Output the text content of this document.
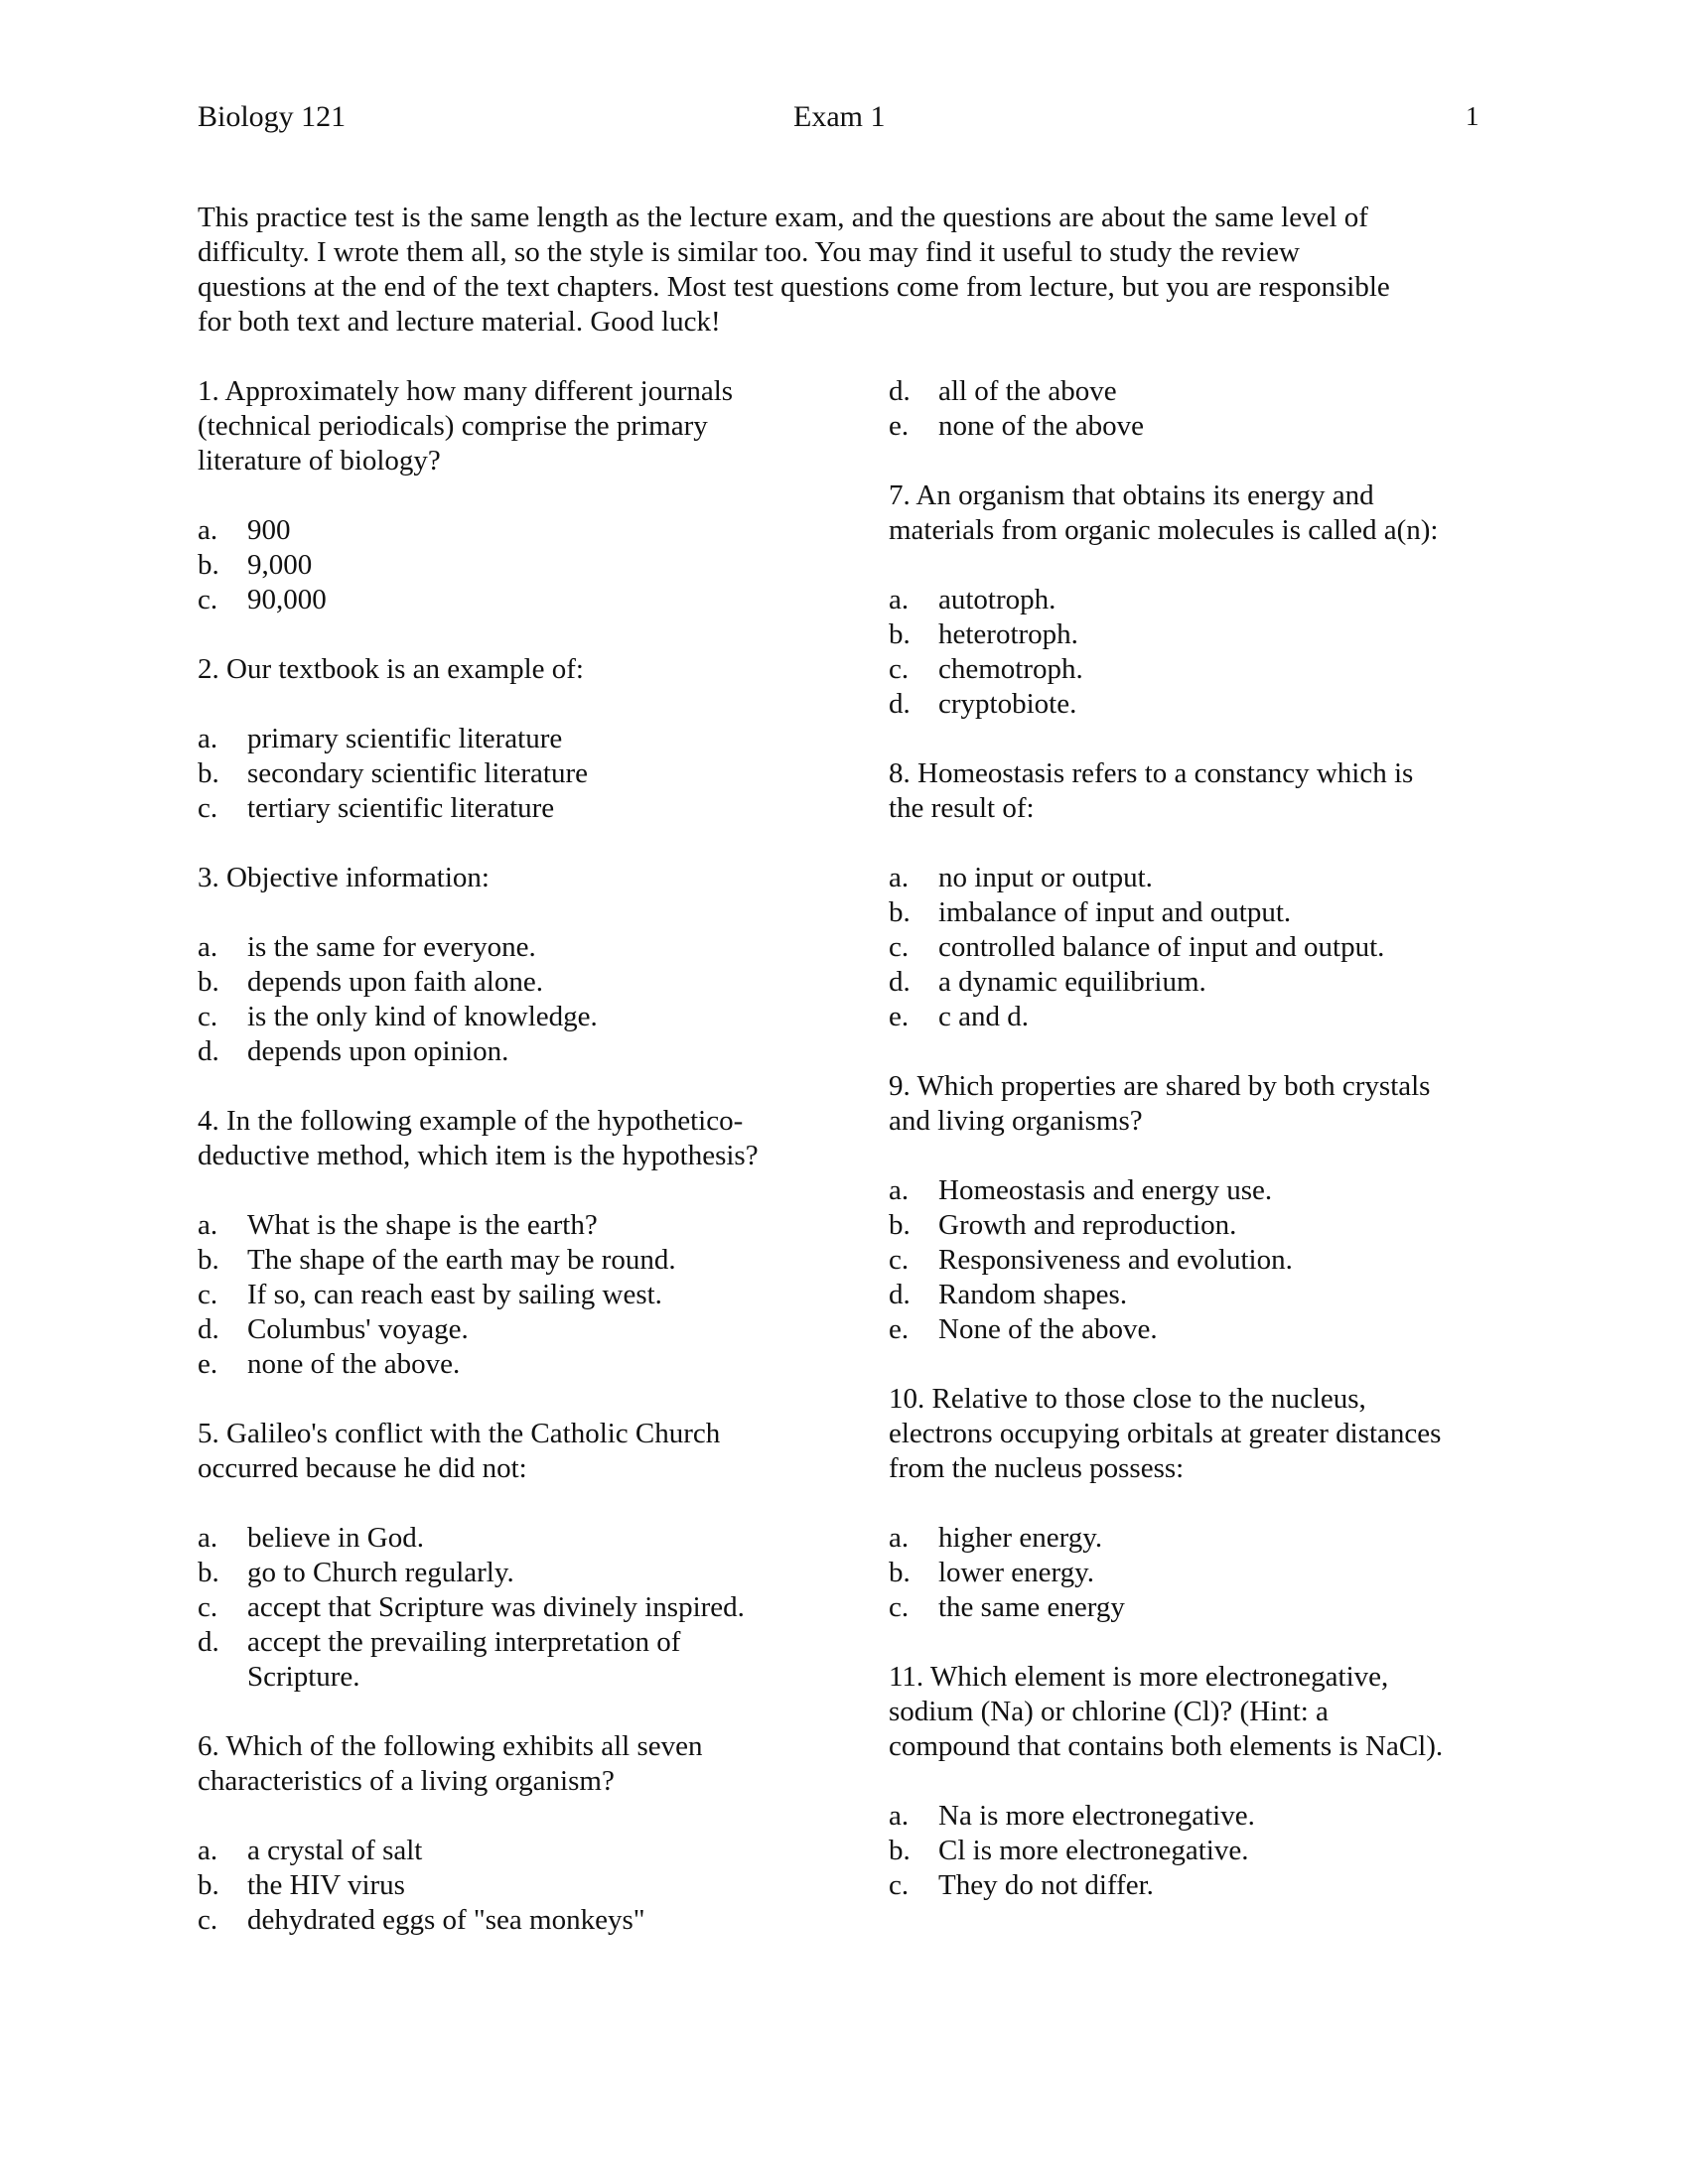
Biology 121	Exam 1	1
This practice test is the same length as the lecture exam, and the questions are about the same level of
difficulty. I wrote them all, so the style is similar too. You may find it useful to study the review
questions at the end of the text chapters. Most test questions come from lecture, but you are responsible
for both text and lecture material. Good luck!
1. Approximately how many different journals
(technical periodicals) comprise the primary
literature of biology?
a.	900
b. 9,000
c.	90,000
2. Our textbook is an example of:
a.	primary scientific literature
b. secondary scientific literature
c.	tertiary scientific literature
3. Objective information:
a.	is the same for everyone.
b. depends upon faith alone.
c.	is the only kind of knowledge.
d. depends upon opinion.
4. In the following example of the hypothetico-
deductive method, which item is the hypothesis?
a.	What is the shape is the earth?
b. The shape of the earth may be round.
c.	If so, can reach east by sailing west.
d. Columbus' voyage.
e.	none of the above.
5. Galileo's conflict with the Catholic Church
occurred because he did not:
a.	believe in God.
b. go to Church regularly.
c.	accept that Scripture was divinely inspired.
d. accept the prevailing interpretation of
Scripture.
6. Which of the following exhibits all seven
characteristics of a living organism?
a.	a crystal of salt
b. the HIV virus
c.	dehydrated eggs of "sea monkeys"
d. all of the above
e.	none of the above
7. An organism that obtains its energy and
materials from organic molecules is called a(n):
a.	autotroph.
b. heterotroph.
c.	chemotroph.
d. cryptobiote.
8. Homeostasis refers to a constancy which is
the result of:
a.	no input or output.
b. imbalance of input and output.
c.	controlled balance of input and output.
d. a dynamic equilibrium.
e.	c and d.
9. Which properties are shared by both crystals
and living organisms?
a.	Homeostasis and energy use.
b. Growth and reproduction.
c.	Responsiveness and evolution.
d. Random shapes.
e.	None of the above.
10. Relative to those close to the nucleus,
electrons occupying orbitals at greater distances
from the nucleus possess:
a.	higher energy.
b. lower energy.
c.	the same energy
11. Which element is more electronegative,
sodium (Na) or chlorine (Cl)? (Hint: a
compound that contains both elements is NaCl).
a.	Na is more electronegative.
b. Cl is more electronegative.
c.	They do not differ.
